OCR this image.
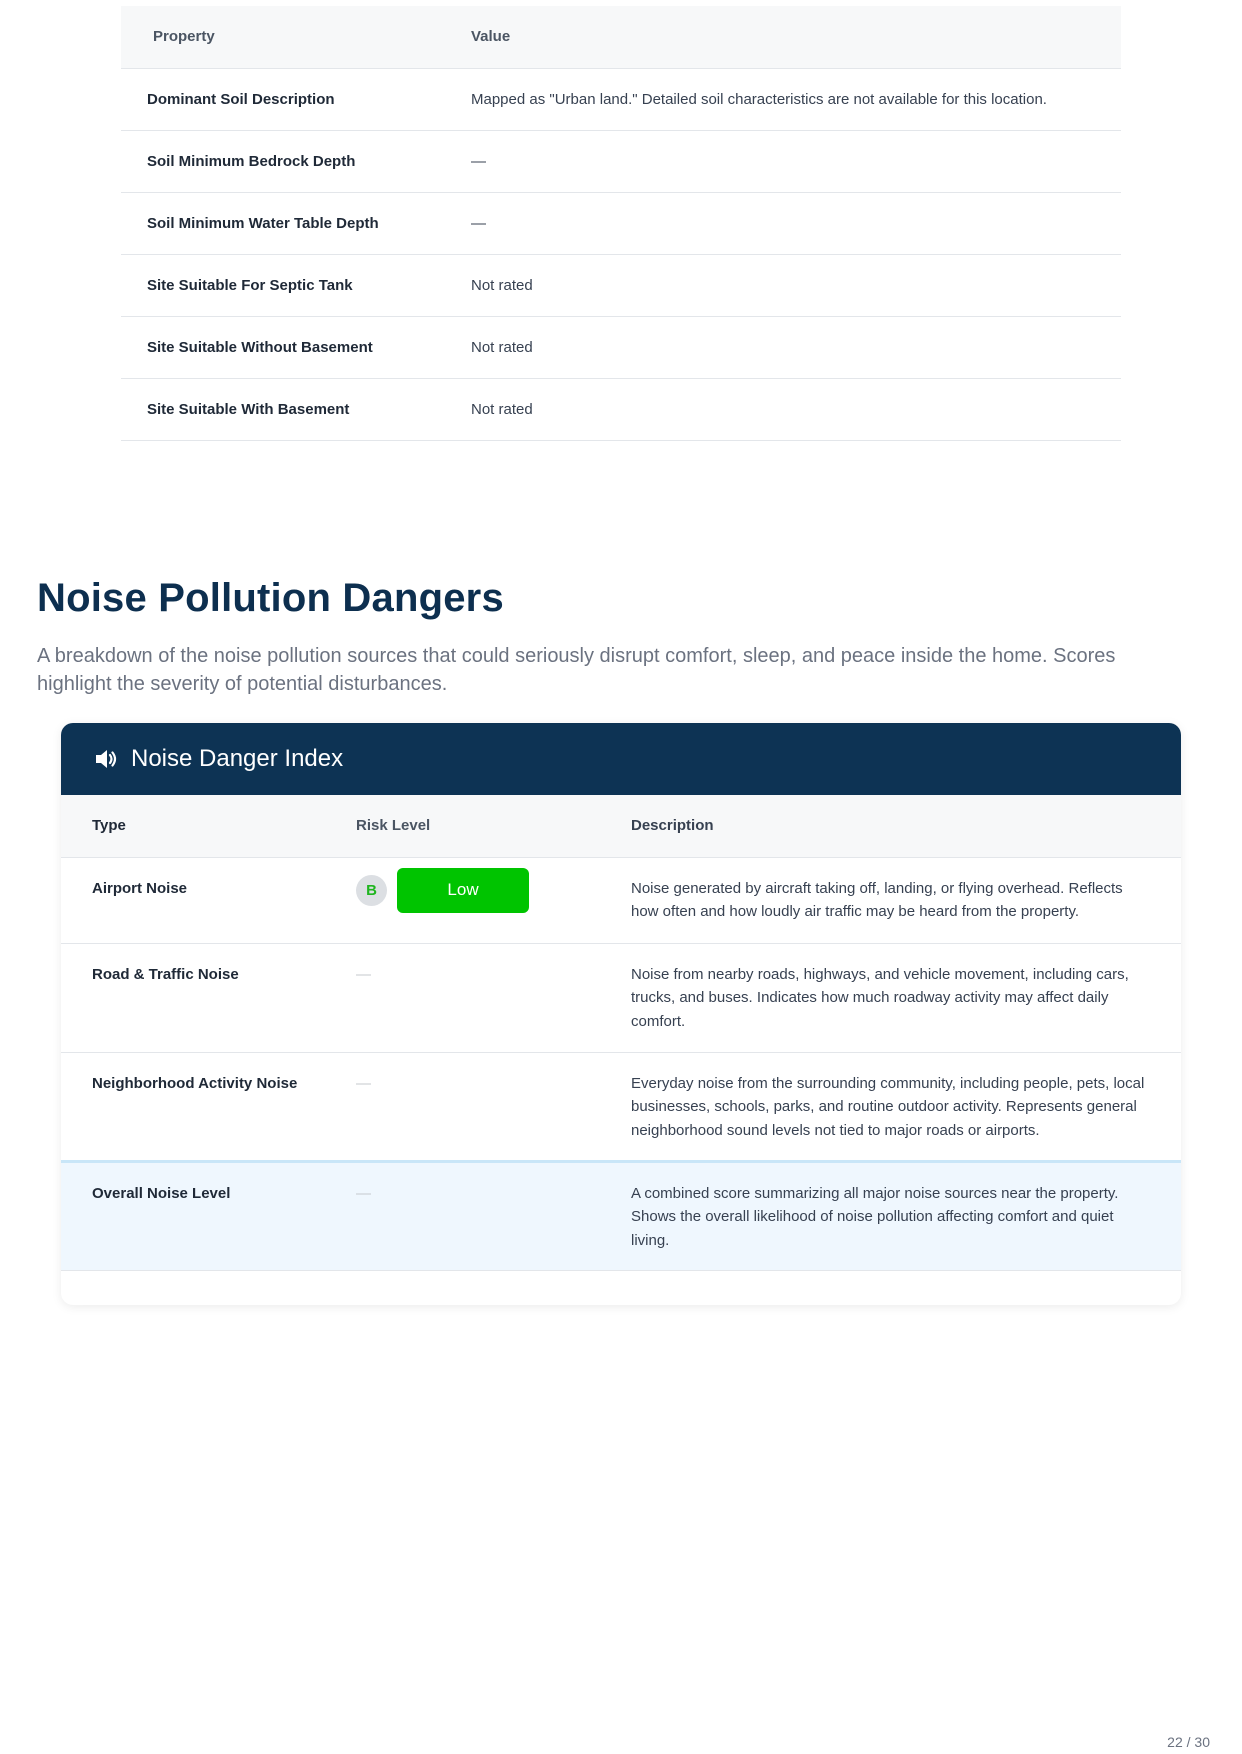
Property	Value
Dominant Soil Description	Mapped as "Urban land." Detailed soil characteristics are not available for this location.
Soil Minimum Bedrock Depth	—
Soil Minimum Water Table Depth	—
Site Suitable For Septic Tank	Not rated
Site Suitable Without Basement	Not rated
Site Suitable With Basement	Not rated
Noise Pollution Dangers

A breakdown of the noise pollution sources that could seriously disrupt comfort, sleep, and peace inside the home. Scores highlight the severity of potential disturbances.

Noise Danger Index
Type	Risk Level	Description
Airport Noise	B Low	Noise generated by aircraft taking off, landing, or flying overhead. Reflects how often and how loudly air traffic may be heard from the property.
Road & Traffic Noise	—	Noise from nearby roads, highways, and vehicle movement, including cars, trucks, and buses. Indicates how much roadway activity may affect daily comfort.
Neighborhood Activity Noise	—	Everyday noise from the surrounding community, including people, pets, local businesses, schools, parks, and routine outdoor activity. Represents general neighborhood sound levels not tied to major roads or airports.
Overall Noise Level	—	A combined score summarizing all major noise sources near the property. Shows the overall likelihood of noise pollution affecting comfort and quiet living.
22 / 30
